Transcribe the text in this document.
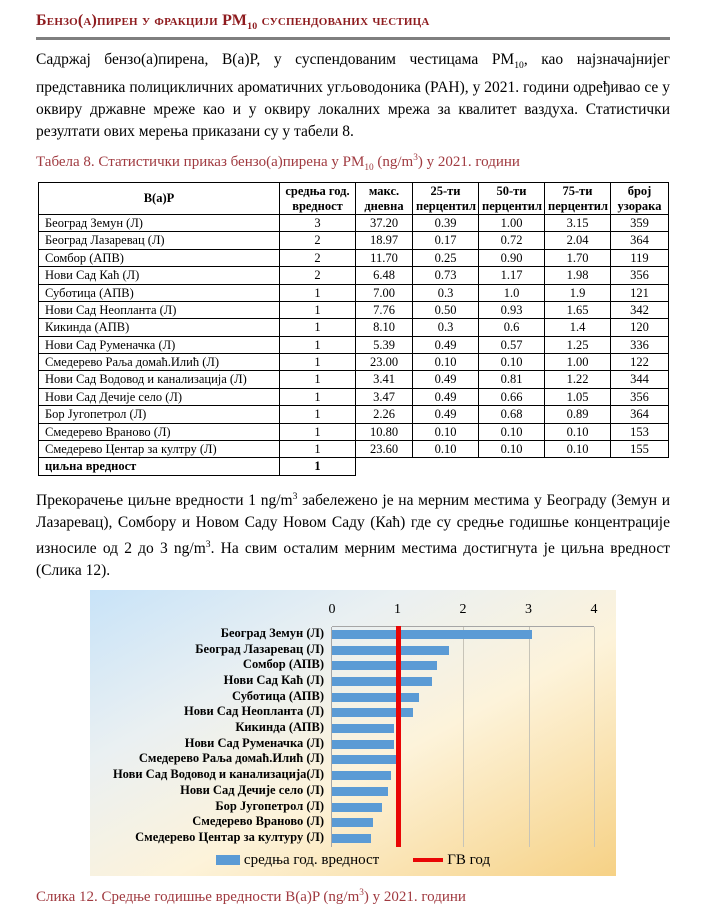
Бензо(а)пирен у фракцији $РМ_{10}$ суспендованих честица

Садржај бензо(а)пирена, B(a)P, у суспендованим честицама $РМ_{10}$, као најзначајнијег представника полицикличних ароматичних угљоводоника (PAH), у 2021. години одређивао се у оквиру државне мреже као и у оквиру локалних мрежа за квалитет ваздуха. Статистички резултати ових мерења приказани су у табели 8.

Табела 8. Статистички приказ бензо(а)пирена у $РМ_{10}$ $(ng/m^3)$ у 2021. години

B(a)P	средња год. вредност	макс. дневна	25-ти перцентил	50-ти перцентил	75-ти перцентил	број узорака
Београд Земун (Л)	3	37.20	0.39	1.00	3.15	359
Београд Лазаревац (Л)	2	18.97	0.17	0.72	2.04	364
Сомбор (АПВ)	2	11.70	0.25	0.90	1.70	119
Нови Сад Каћ (Л)	2	6.48	0.73	1.17	1.98	356
Суботица (АПВ)	1	7.00	0.3	1.0	1.9	121
Нови Сад Неопланта (Л)	1	7.76	0.50	0.93	1.65	342
Кикинда (АПВ)	1	8.10	0.3	0.6	1.4	120
Нови Сад Руменачка (Л)	1	5.39	0.49	0.57	1.25	336
Смедерево Раља домаћ.Илић (Л)	1	23.00	0.10	0.10	1.00	122
Нови Сад Водовод и канализација (Л)	1	3.41	0.49	0.81	1.22	344
Нови Сад Дечије село (Л)	1	3.47	0.49	0.66	1.05	356
Бор Југопетрол (Л)	1	2.26	0.49	0.68	0.89	364
Смедерево Враново (Л)	1	10.80	0.10	0.10	0.10	153
Смедерево Центар за култру (Л)	1	23.60	0.10	0.10	0.10	155
циљна вредност	1					

Прекорачење циљне вредности 1 $ng/m^3$ забележено је на мерним местима у Београду (Земун и Лазаревац), Сомбору и Новом Саду Новом Саду (Каћ) где су средње годишње концентрације износиле од 2 до 3 $ng/m^3$. На свим осталим мерним местима достигнута је циљна вредност (Слика 12).

0	1	2	3	4
Београд Земун (Л)
Београд Лазаревац (Л)
Сомбор (АПВ)
Нови Сад Каћ (Л)
Суботица (АПВ)
Нови Сад Неопланта (Л)
Кикинда (АПВ)
Нови Сад Руменачка (Л)
Смедерево Раља домаћ.Илић (Л)
Нови Сад Водовод и канализација(Л)
Нови Сад Дечије село (Л)
Бор Југопетрол (Л)
Смедерево Враново (Л)
Смедерево Центар за културу (Л)
средња год. вредност	ГВ год

Слика 12. Средње годишње вредности B(a)P $(ng/m^3)$ у 2021. години
